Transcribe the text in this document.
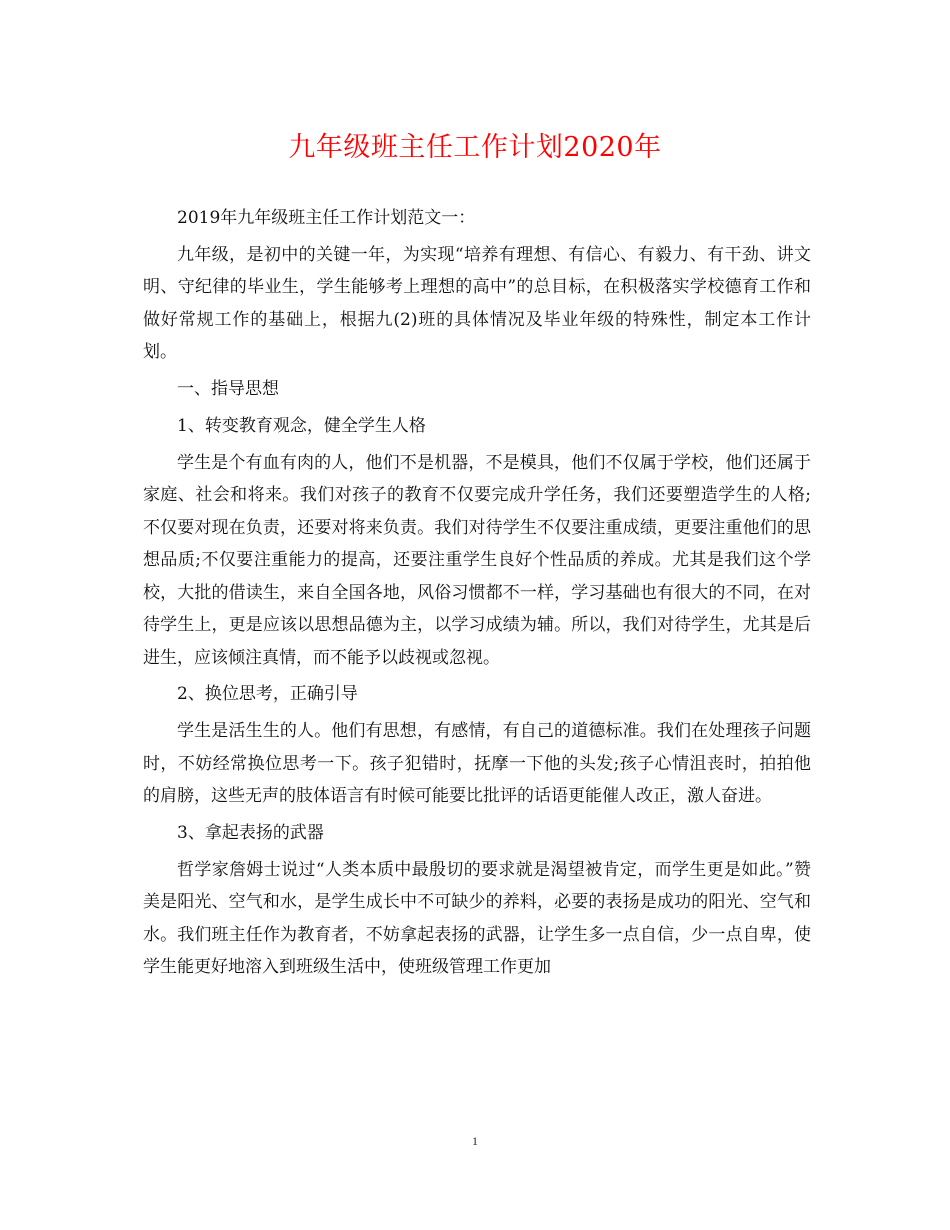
九年级班主任工作计划2020年

2019年九年级班主任工作计划范文一：

九年级，是初中的关键一年，为实现“培养有理想、有信心、有毅力、有干劲、讲文明、守纪律的毕业生，学生能够考上理想的高中”的总目标，在积极落实学校德育工作和做好常规工作的基础上，根据九(2)班的具体情况及毕业年级的特殊性，制定本工作计划。

一、指导思想

1、转变教育观念，健全学生人格

学生是个有血有肉的人，他们不是机器，不是模具，他们不仅属于学校，他们还属于家庭、社会和将来。我们对孩子的教育不仅要完成升学任务，我们还要塑造学生的人格;不仅要对现在负责，还要对将来负责。我们对待学生不仅要注重成绩，更要注重他们的思想品质;不仅要注重能力的提高，还要注重学生良好个性品质的养成。尤其是我们这个学校，大批的借读生，来自全国各地，风俗习惯都不一样，学习基础也有很大的不同，在对待学生上，更是应该以思想品德为主，以学习成绩为辅。所以，我们对待学生，尤其是后进生，应该倾注真情，而不能予以歧视或忽视。

2、换位思考，正确引导

学生是活生生的人。他们有思想，有感情，有自己的道德标准。我们在处理孩子问题时，不妨经常换位思考一下。孩子犯错时，抚摩一下他的头发;孩子心情沮丧时，拍拍他的肩膀，这些无声的肢体语言有时候可能要比批评的话语更能催人改正，激人奋进。

3、拿起表扬的武器

哲学家詹姆士说过“人类本质中最殷切的要求就是渴望被肯定，而学生更是如此。”赞美是阳光、空气和水，是学生成长中不可缺少的养料，必要的表扬是成功的阳光、空气和水。我们班主任作为教育者，不妨拿起表扬的武器，让学生多一点自信，少一点自卑，使学生能更好地溶入到班级生活中，使班级管理工作更加

1
